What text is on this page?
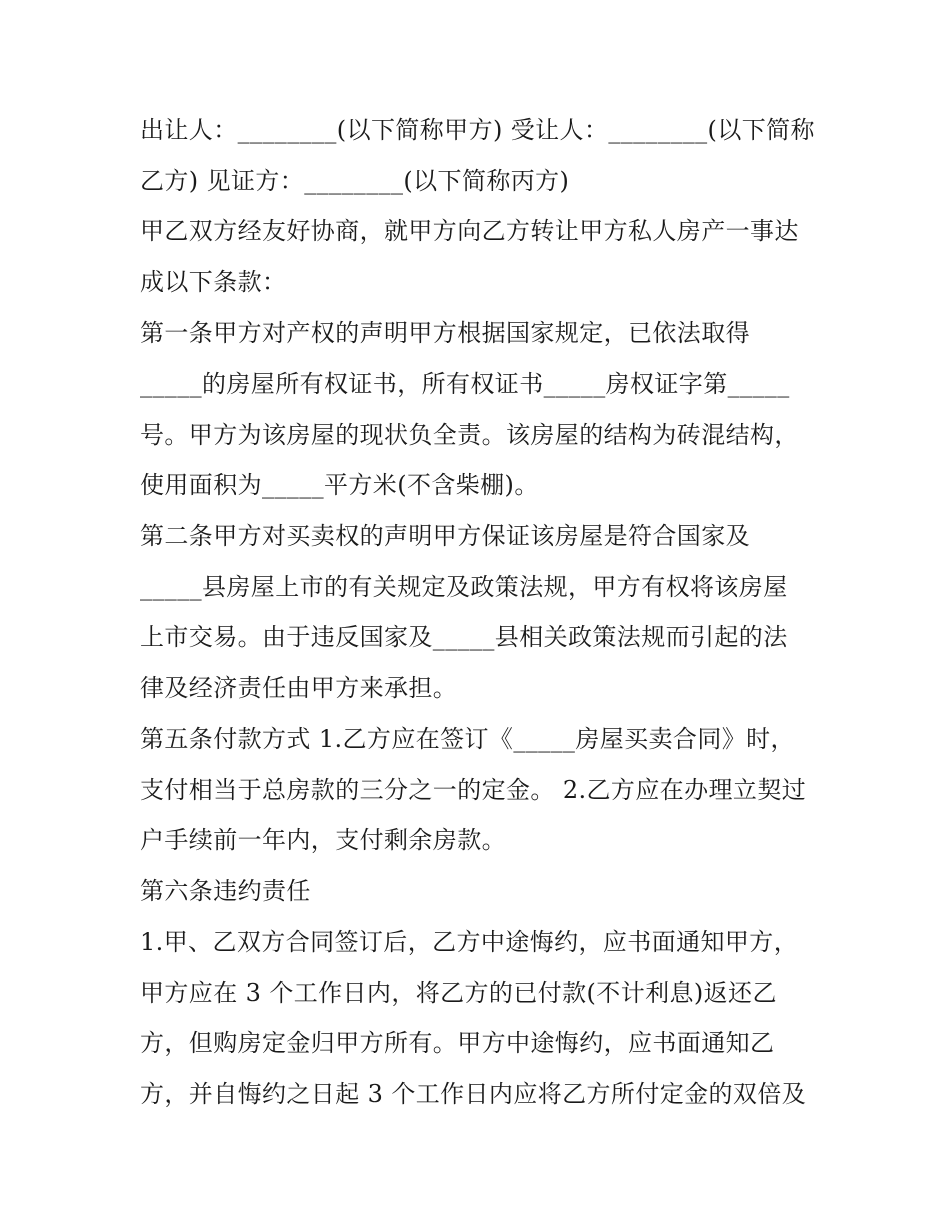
出让人：________(以下简称甲方) 受让人：________(以下简称
乙方) 见证方：________(以下简称丙方)
甲乙双方经友好协商，就甲方向乙方转让甲方私人房产一事达
成以下条款：
第一条甲方对产权的声明甲方根据国家规定，已依法取得
_____的房屋所有权证书，所有权证书_____房权证字第_____
号。甲方为该房屋的现状负全责。该房屋的结构为砖混结构，
使用面积为_____平方米(不含柴棚)。
第二条甲方对买卖权的声明甲方保证该房屋是符合国家及
_____县房屋上市的有关规定及政策法规，甲方有权将该房屋
上市交易。由于违反国家及_____县相关政策法规而引起的法
律及经济责任由甲方来承担。
第五条付款方式 1.乙方应在签订《_____房屋买卖合同》时，
支付相当于总房款的三分之一的定金。 2.乙方应在办理立契过
户手续前一年内，支付剩余房款。
第六条违约责任
1.甲、乙双方合同签订后，乙方中途悔约，应书面通知甲方，
甲方应在 3 个工作日内，将乙方的已付款(不计利息)返还乙
方，但购房定金归甲方所有。甲方中途悔约，应书面通知乙
方，并自悔约之日起 3 个工作日内应将乙方所付定金的双倍及
